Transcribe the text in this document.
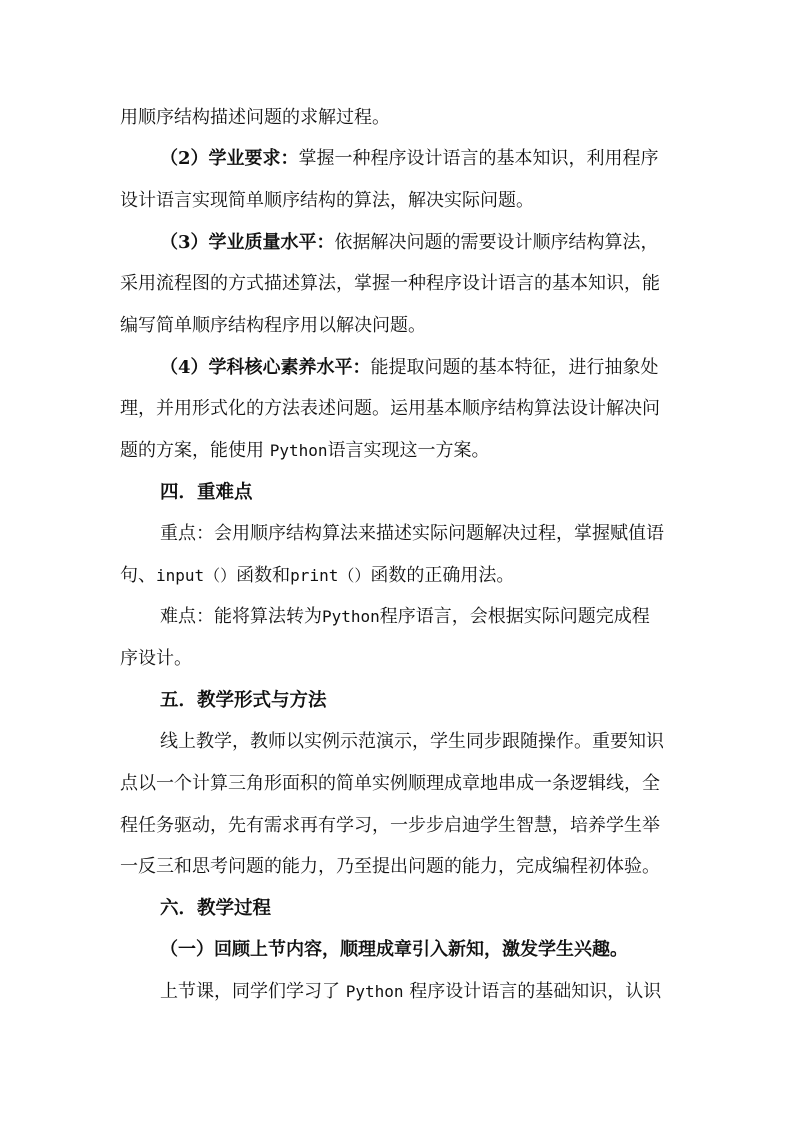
用顺序结构描述问题的求解过程。
（2）学业要求：掌握一种程序设计语言的基本知识，利用程序
设计语言实现简单顺序结构的算法，解决实际问题。
（3）学业质量水平：依据解决问题的需要设计顺序结构算法，
采用流程图的方式描述算法，掌握一种程序设计语言的基本知识，能
编写简单顺序结构程序用以解决问题。
（4）学科核心素养水平：能提取问题的基本特征，进行抽象处
理，并用形式化的方法表述问题。运用基本顺序结构算法设计解决问
题的方案，能使用 Python语言实现这一方案。
四．重难点
重点：会用顺序结构算法来描述实际问题解决过程，掌握赋值语
句、input（）函数和print（）函数的正确用法。
难点：能将算法转为Python程序语言，会根据实际问题完成程
序设计。
五．教学形式与方法
线上教学，教师以实例示范演示，学生同步跟随操作。重要知识
点以一个计算三角形面积的简单实例顺理成章地串成一条逻辑线，全
程任务驱动，先有需求再有学习，一步步启迪学生智慧，培养学生举
一反三和思考问题的能力，乃至提出问题的能力，完成编程初体验。
六．教学过程
（一）回顾上节内容，顺理成章引入新知，激发学生兴趣。
上节课，同学们学习了 Python 程序设计语言的基础知识，认识
